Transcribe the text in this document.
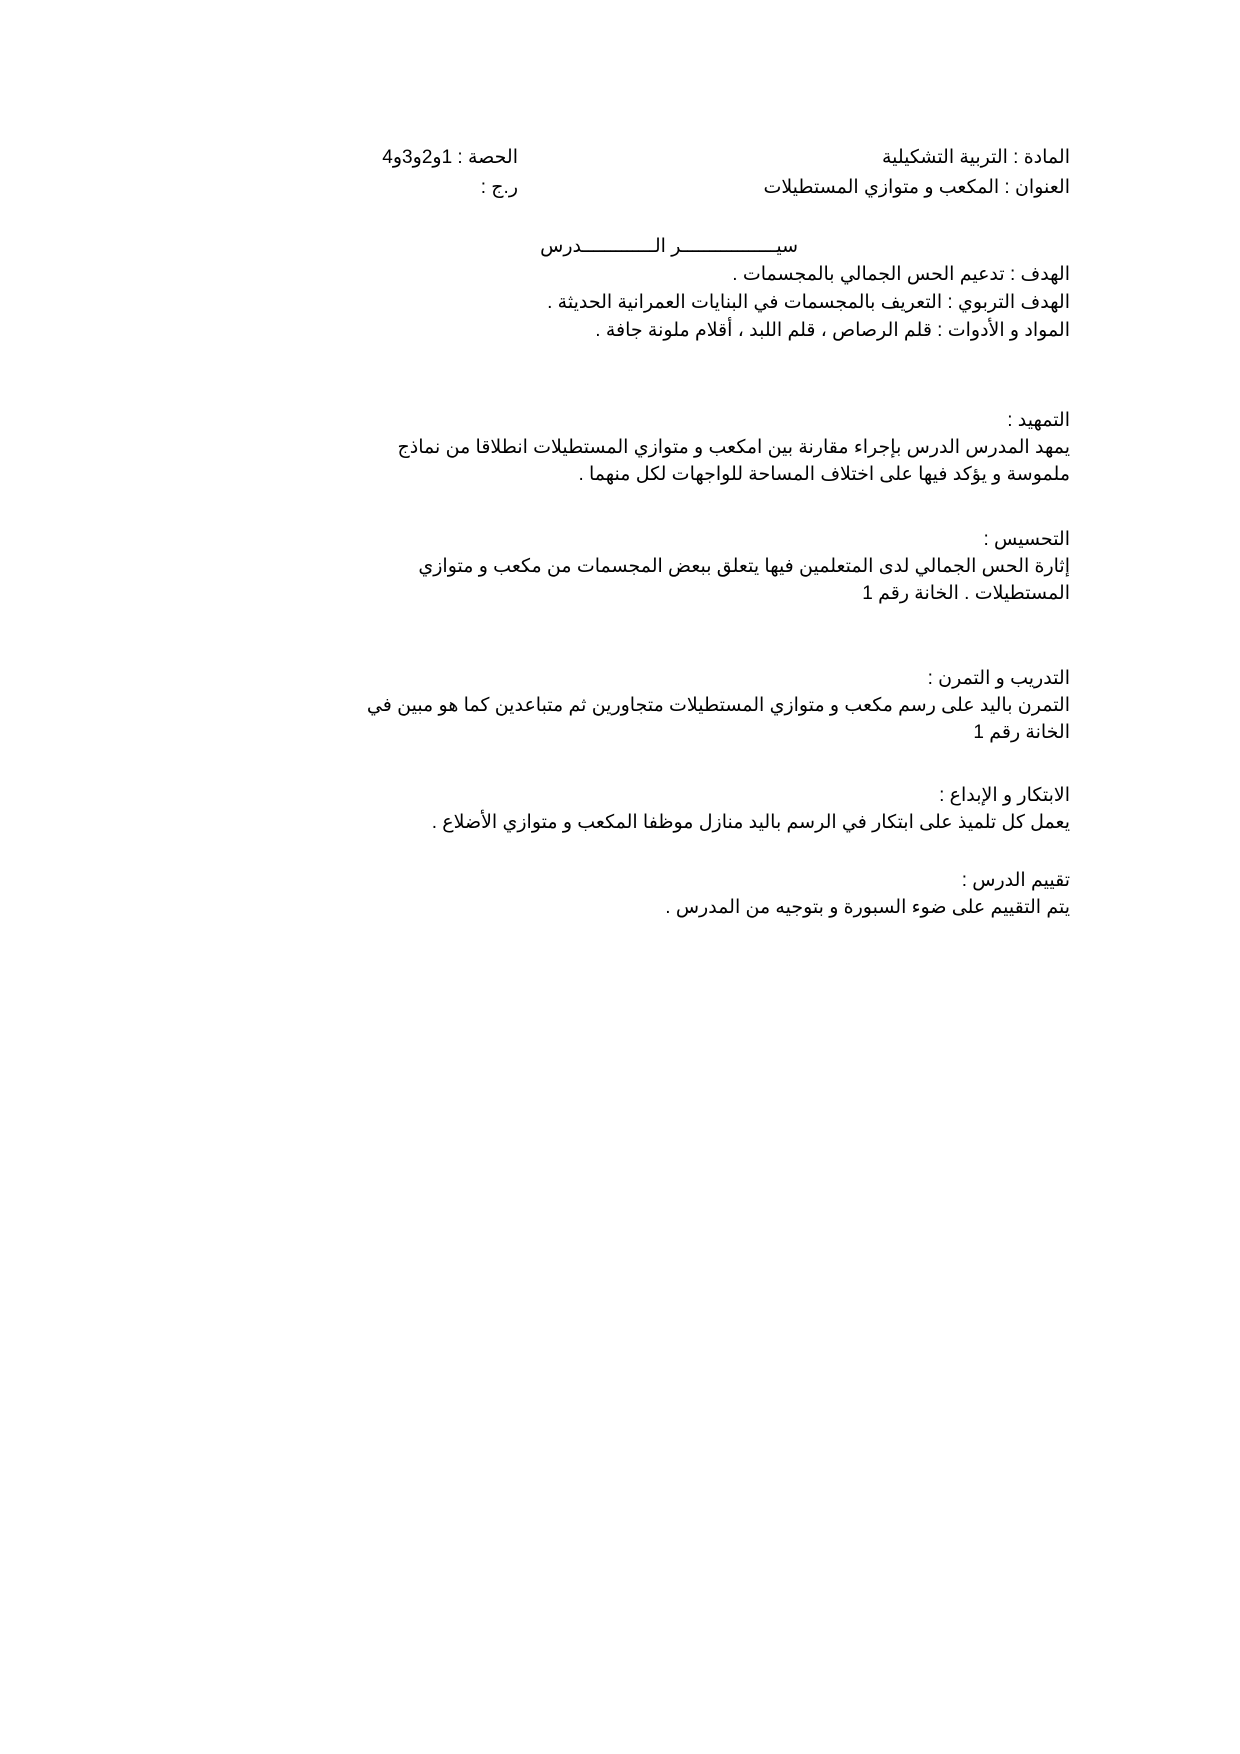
المادة : التربية التشكيلية
الحصة : 1و2و3و4
العنوان : المكعب و متوازي المستطيلات
ر.ج :
سيـــــــــــــــــر الـــــــــــــدرس
الهدف : تدعيم الحس الجمالي بالمجسمات .
الهدف التربوي : التعريف بالمجسمات في البنايات العمرانية الحديثة .
المواد و الأدوات : قلم الرصاص ، قلم اللبد ، أقلام ملونة جافة .
التمهيد :
يمهد المدرس الدرس بإجراء مقارنة بين امكعب و متوازي المستطيلات انطلاقا من نماذج
ملموسة و يؤكد فيها على اختلاف المساحة للواجهات لكل منهما .
التحسيس :
إثارة الحس الجمالي لدى المتعلمين فيها يتعلق ببعض المجسمات من مكعب و متوازي
المستطيلات . الخانة رقم 1
التدريب و التمرن :
التمرن باليد على رسم مكعب و متوازي المستطيلات متجاورين ثم متباعدين كما هو مبين في
الخانة رقم 1
الابتكار و الإبداع :
يعمل كل تلميذ على ابتكار في الرسم باليد منازل موظفا المكعب و متوازي الأضلاع .
تقييم الدرس :
يتم التقييم على ضوء السبورة و بتوجيه من المدرس .
